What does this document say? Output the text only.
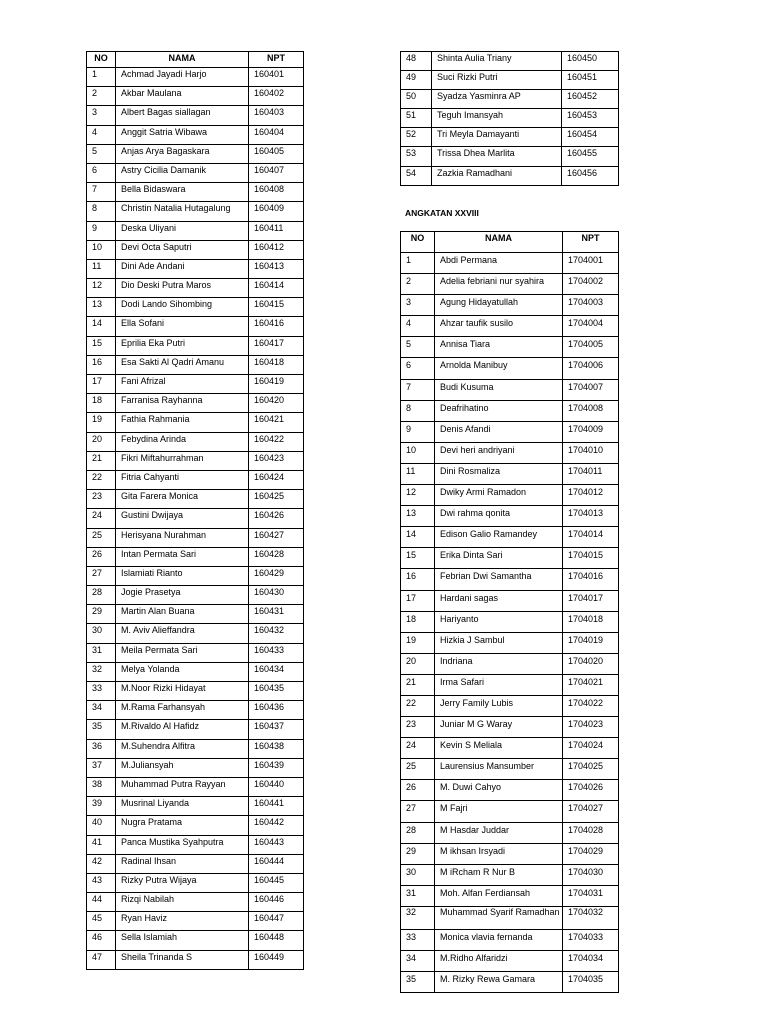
NO	NAMA	NPT
1	Achmad Jayadi Harjo	160401
2	Akbar Maulana	160402
3	Albert Bagas siallagan	160403
4	Anggit Satria Wibawa	160404
5	Anjas Arya Bagaskara	160405
6	Astry Cicilia Damanik	160407
7	Bella Bidaswara	160408
8	Christin Natalia Hutagalung	160409
9	Deska Uliyani	160411
10	Devi Octa Saputri	160412
11	Dini Ade Andani	160413
12	Dio Deski Putra Maros	160414
13	Dodi Lando Sihombing	160415
14	Ella Sofani	160416
15	Eprilia Eka Putri	160417
16	Esa Sakti Al Qadri Amanu	160418
17	Fani Afrizal	160419
18	Farranisa Rayhanna	160420
19	Fathia Rahmania	160421
20	Febydina Arinda	160422
21	Fikri Miftahurrahman	160423
22	Fitria Cahyanti	160424
23	Gita Farera Monica	160425
24	Gustini Dwijaya	160426
25	Herisyana Nurahman	160427
26	Intan Permata Sari	160428
27	Islamiati Rianto	160429
28	Jogie Prasetya	160430
29	Martin Alan Buana	160431
30	M. Aviv Alieffandra	160432
31	Meila Permata Sari	160433
32	Melya Yolanda	160434
33	M.Noor Rizki Hidayat	160435
34	M.Rama Farhansyah	160436
35	M.Rivaldo Al Hafidz	160437
36	M.Suhendra Alfitra	160438
37	M.Juliansyah	160439
38	Muhammad Putra Rayyan	160440
39	Musrinal Liyanda	160441
40	Nugra Pratama	160442
41	Panca Mustika Syahputra	160443
42	Radinal Ihsan	160444
43	Rizky Putra Wijaya	160445
44	Rizqi Nabilah	160446
45	Ryan Haviz	160447
46	Sella Islamiah	160448
47	Sheila Trinanda S	160449
48	Shinta Aulia Triany	160450
49	Suci Rizki Putri	160451
50	Syadza Yasminra AP	160452
51	Teguh Imansyah	160453
52	Tri Meyla Damayanti	160454
53	Trissa Dhea Marlita	160455
54	Zazkia Ramadhani	160456
ANGKATAN XXVIII
NO	NAMA	NPT
1	Abdi Permana	1704001
2	Adelia febriani nur syahira	1704002
3	Agung Hidayatullah	1704003
4	Ahzar taufik susilo	1704004
5	Annisa Tiara	1704005
6	Arnolda Manibuy	1704006
7	Budi Kusuma	1704007
8	Deafrihatino	1704008
9	Denis Afandi	1704009
10	Devi heri andriyani	1704010
11	Dini Rosmaliza	1704011
12	Dwiky Armi Ramadon	1704012
13	Dwi rahma qonita	1704013
14	Edison Galio Ramandey	1704014
15	Erika Dinta Sari	1704015
16	Febrian Dwi Samantha	1704016
17	Hardani sagas	1704017
18	Hariyanto	1704018
19	Hizkia J Sambul	1704019
20	Indriana	1704020
21	Irma Safari	1704021
22	Jerry Family Lubis	1704022
23	Juniar M G Waray	1704023
24	Kevin S Meliala	1704024
25	Laurensius Mansumber	1704025
26	M. Duwi Cahyo	1704026
27	M Fajri	1704027
28	M Hasdar Juddar	1704028
29	M ikhsan Irsyadi	1704029
30	M iRcham R Nur B	1704030
31	Moh. Alfan Ferdiansah	1704031
32	Muhammad Syarif Ramadhan	1704032
33	Monica vlavia fernanda	1704033
34	M.Ridho Alfaridzi	1704034
35	M. Rizky Rewa Gamara	1704035
